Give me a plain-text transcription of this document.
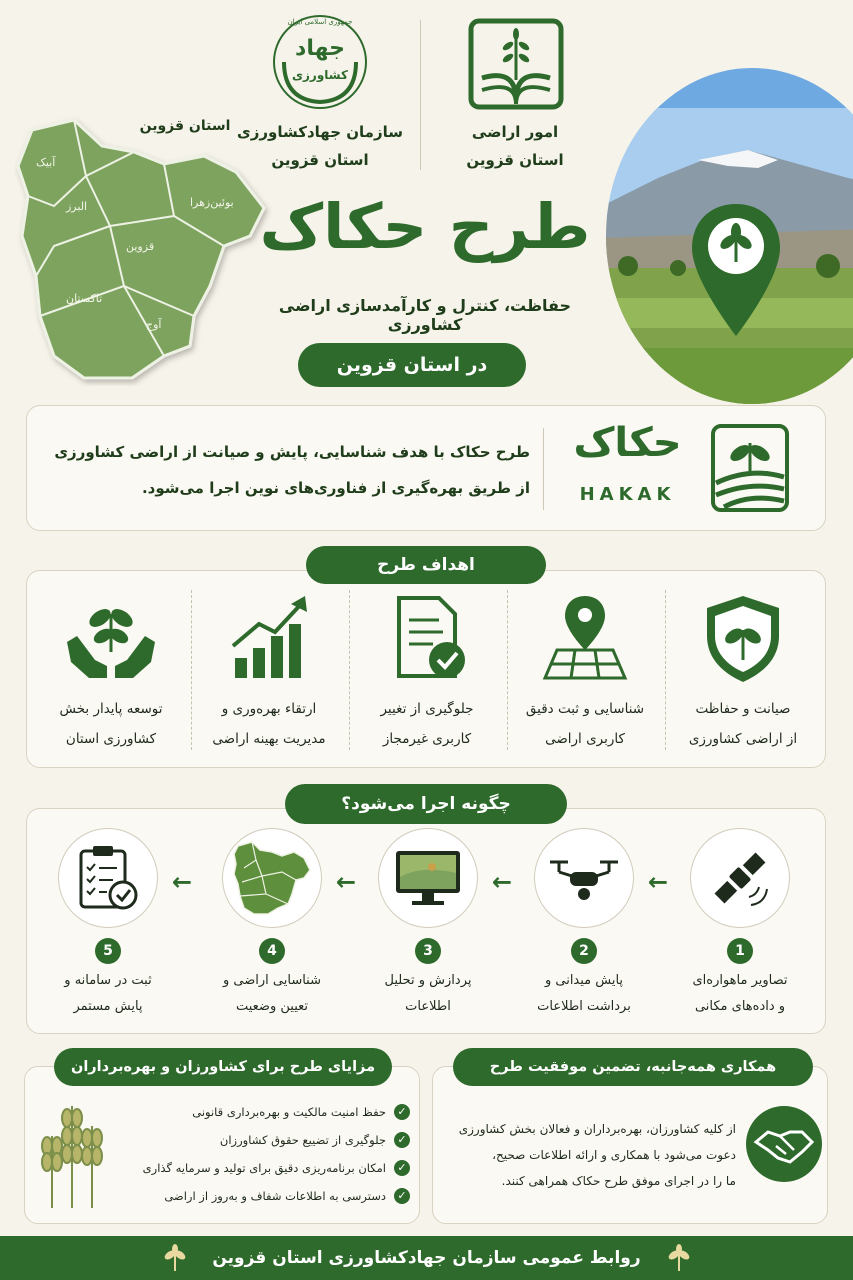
امور اراضی
استان قزوین
جمهوری اسلامی ایران
جهاد
کشاورزی
سازمان جهادکشاورزی
استان قزوین
استان قزوین
آبیک
البرز	بوئین‌زهرا
قزوین
تاکستان
آوج
طرح حکاک
حفاظت، کنترل و کارآمدسازی اراضی کشاورزی
در استان قزوین
طرح حکاک با هدف شناسایی، پایش و صیانت از اراضی کشاورزی
از طریق بهره‌گیری از فناوری‌های نوین اجرا می‌شود.
حکاک
HAKAK
اهداف طرح
صیانت و حفاظت
از اراضی کشاورزی
شناسایی و ثبت دقیق
کاربری اراضی
جلوگیری از تغییر
کاربری غیرمجاز
ارتقاء بهره‌وری و
مدیریت بهینه اراضی
توسعه پایدار بخش
کشاورزی استان
چگونه اجرا می‌شود؟
1
تصاویر ماهواره‌ای
و داده‌های مکانی
←
2
پایش میدانی و
برداشت اطلاعات
←
3
پردازش و تحلیل
اطلاعات
←
4
شناسایی اراضی و
تعیین وضعیت
←
5
ثبت در سامانه و
پایش مستمر
همکاری همه‌جانبه، تضمین موفقیت طرح
از کلیه کشاورزان، بهره‌برداران و فعالان بخش کشاورزی
دعوت می‌شود با همکاری و ارائه اطلاعات صحیح،
ما را در اجرای موفق طرح حکاک همراهی کنند.
مزایای طرح برای کشاورزان و بهره‌برداران
✓
حفظ امنیت مالکیت و بهره‌برداری قانونی
✓
جلوگیری از تضییع حقوق کشاورزان
✓
امکان برنامه‌ریزی دقیق برای تولید و سرمایه گذاری
✓
دسترسی به اطلاعات شفاف و به‌روز از اراضی
روابط عمومی سازمان جهادکشاورزی استان قزوین
